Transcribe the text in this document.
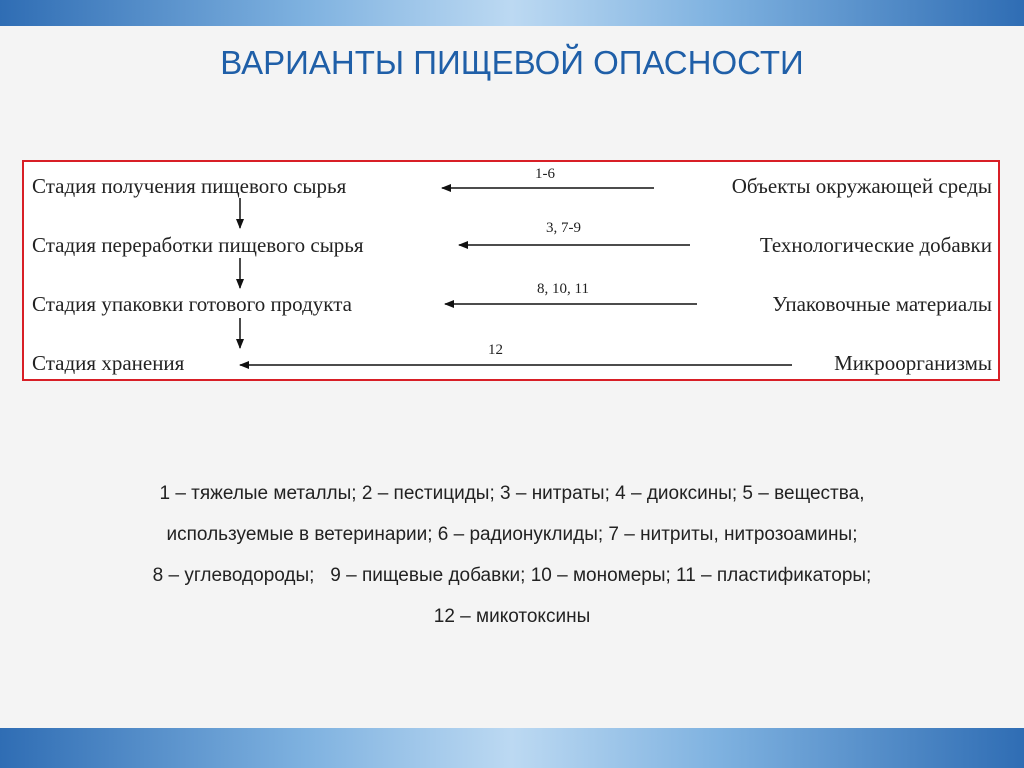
ВАРИАНТЫ ПИЩЕВОЙ ОПАСНОСТИ
Стадия получения пищевого сырья
Стадия переработки пищевого сырья
Стадия упаковки готового продукта
Стадия хранения
Объекты окружающей среды
Технологические добавки
Упаковочные материалы
Микроорганизмы
1-6
3, 7-9
8, 10, 11
12
1 – тяжелые металлы; 2 – пестициды; 3 – нитраты; 4 – диоксины; 5 – вещества,
используемые в ветеринарии; 6 – радионуклиды; 7 – нитриты, нитрозоамины;
8 – углеводороды;   9 – пищевые добавки; 10 – мономеры; 11 – пластификаторы;
12 – микотоксины
